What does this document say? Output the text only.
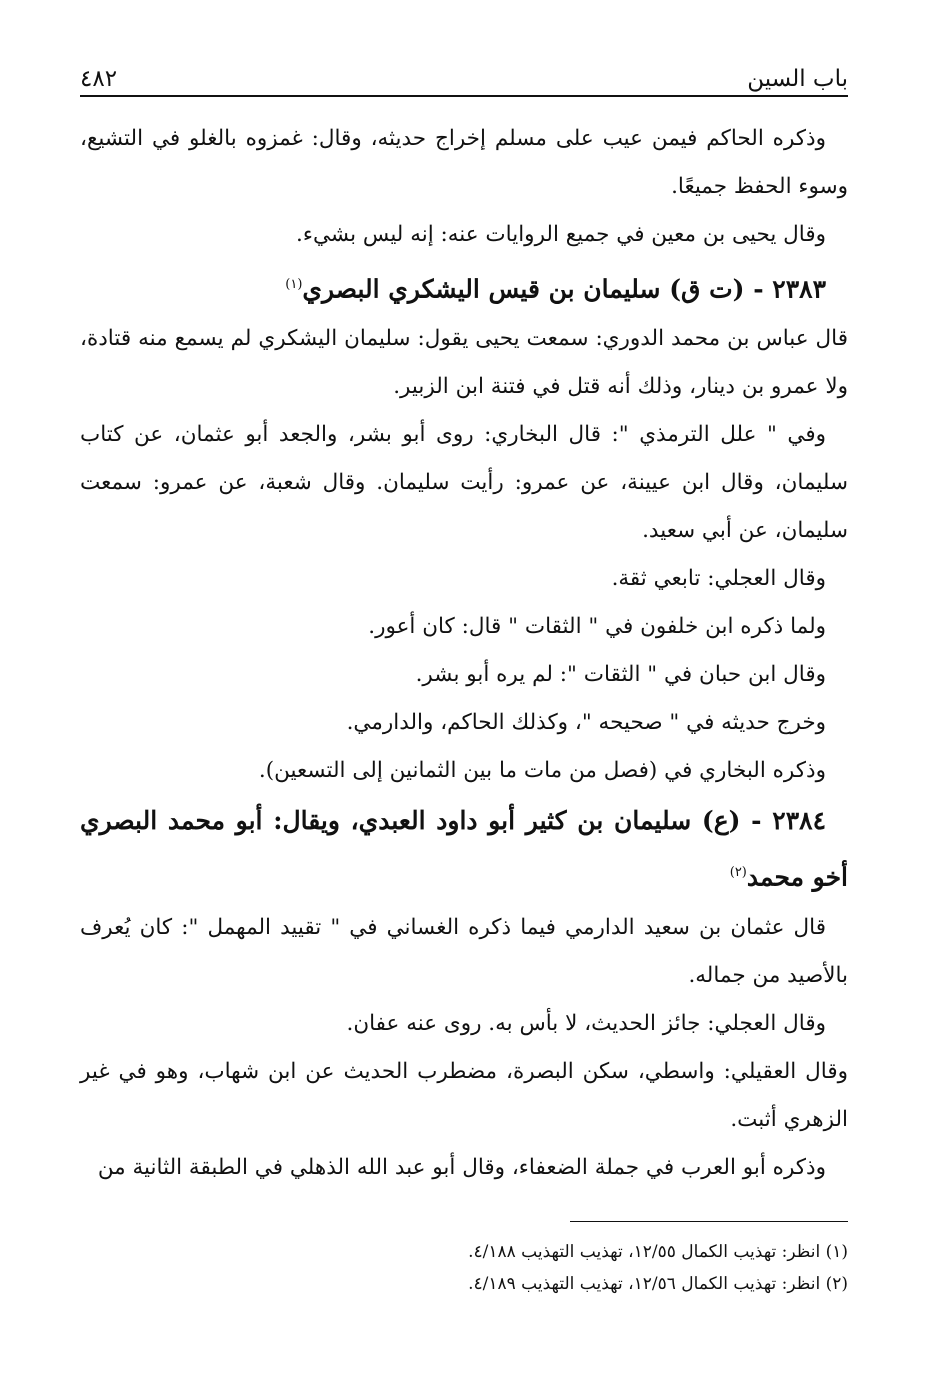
٤٨٢	باب السين

وذكره الحاكم فيمن عيب على مسلم إخراج حديثه، وقال: غمزوه بالغلو في التشيع، وسوء الحفظ جميعًا.

وقال يحيى بن معين في جميع الروايات عنه: إنه ليس بشيء.

٢٣٨٣ - (ت ق) سليمان بن قيس اليشكري البصري$^{(١)}$

قال عباس بن محمد الدوري: سمعت يحيى يقول: سليمان اليشكري لم يسمع منه قتادة، ولا عمرو بن دينار، وذلك أنه قتل في فتنة ابن الزبير.

وفي " علل الترمذي ": قال البخاري: روى أبو بشر، والجعد أبو عثمان، عن كتاب سليمان، وقال ابن عيينة، عن عمرو: رأيت سليمان. وقال شعبة، عن عمرو: سمعت سليمان، عن أبي سعيد.

وقال العجلي: تابعي ثقة.

ولما ذكره ابن خلفون في " الثقات " قال: كان أعور.

وقال ابن حبان في " الثقات ": لم يره أبو بشر.

وخرج حديثه في " صحيحه "، وكذلك الحاكم، والدارمي.

وذكره البخاري في (فصل من مات ما بين الثمانين إلى التسعين).

٢٣٨٤ - (ع) سليمان بن كثير أبو داود العبدي، ويقال: أبو محمد البصري أخو محمد$^{(٢)}$

قال عثمان بن سعيد الدارمي فيما ذكره الغساني في " تقييد المهمل ": كان يُعرف بالأصيد من جماله.

وقال العجلي: جائز الحديث، لا بأس به. روى عنه عفان.

وقال العقيلي: واسطي، سكن البصرة، مضطرب الحديث عن ابن شهاب، وهو في غير الزهري أثبت.

وذكره أبو العرب في جملة الضعفاء، وقال أبو عبد الله الذهلي في الطبقة الثانية من

(١) انظر: تهذيب الكمال ١٢/٥٥، تهذيب التهذيب ٤/١٨٨.

(٢) انظر: تهذيب الكمال ١٢/٥٦، تهذيب التهذيب ٤/١٨٩.
